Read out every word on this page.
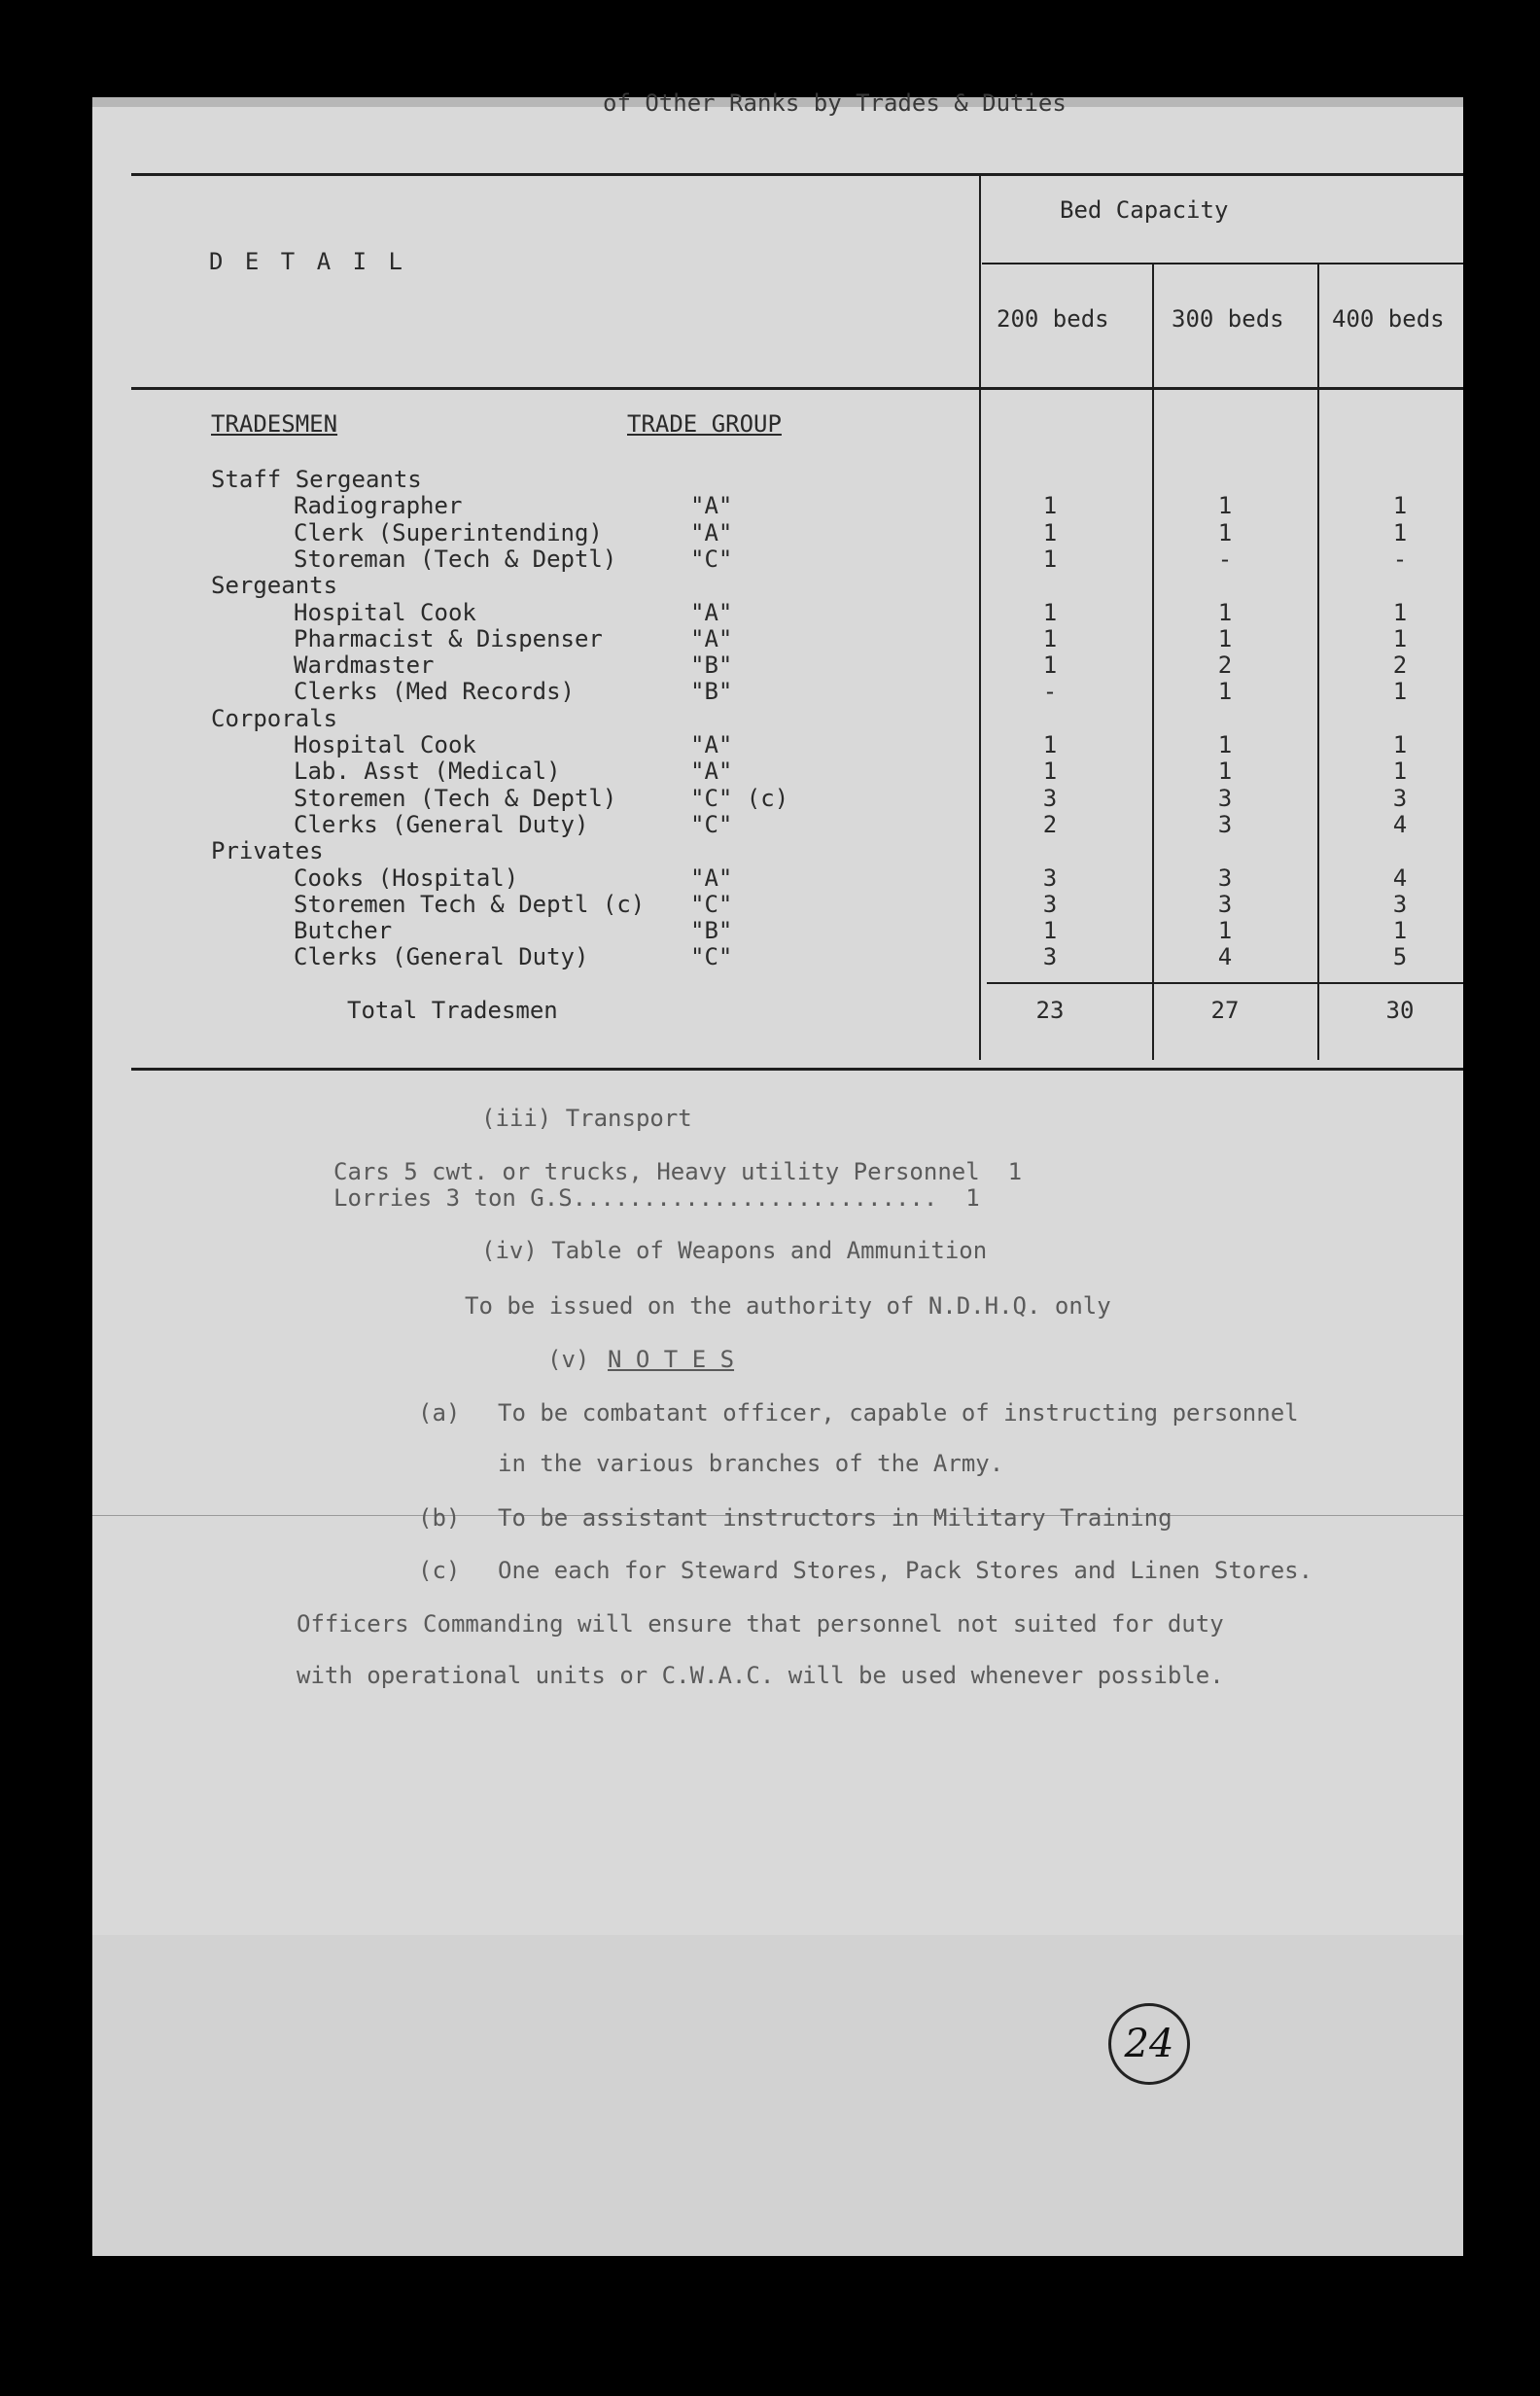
of Other Ranks by Trades & Duties
D E T A I L
Bed Capacity
200 beds	300 beds 400 beds
TRADESMEN	TRADE GROUP
Staff Sergeants
Radiographer	"A"	1	1	1
Clerk (Superintending)	"A"	1	1	1
Storeman (Tech & Deptl)	"C"	1	-	-
Sergeants
Hospital Cook	"A"	1	1	1
Pharmacist & Dispenser	"A"	1	1	1
Wardmaster	"B"	1	2	2
Clerks (Med Records)	"B"	-	1	1
Corporals
Hospital Cook	"A"	1	1	1
Lab. Asst (Medical)	"A"	1	1	1
Storemen (Tech & Deptl)	"C" (c)	3	3	3
Clerks (General Duty)	"C"	2	3	4
Privates
Cooks (Hospital)	"A"	3	3	4
Storemen Tech & Deptl (c) "C"	3	3	3
Butcher	"B"	1	1	1
Clerks (General Duty)	"C"	3	4	5
Total Tradesmen	23	27	30
(iii) Transport
Cars 5 cwt. or trucks, Heavy utility Personnel  1
Lorries 3 ton G.S..........................  1
(iv) Table of Weapons and Ammunition
To be issued on the authority of N.D.H.Q. only
(v) N O T E S
(a) To be combatant officer, capable of instructing personnel
in the various branches of the Army.
(b) To be assistant instructors in Military Training
(c) One each for Steward Stores, Pack Stores and Linen Stores.
Officers Commanding will ensure that personnel not suited for duty
with operational units or C.W.A.C. will be used whenever possible.
24
